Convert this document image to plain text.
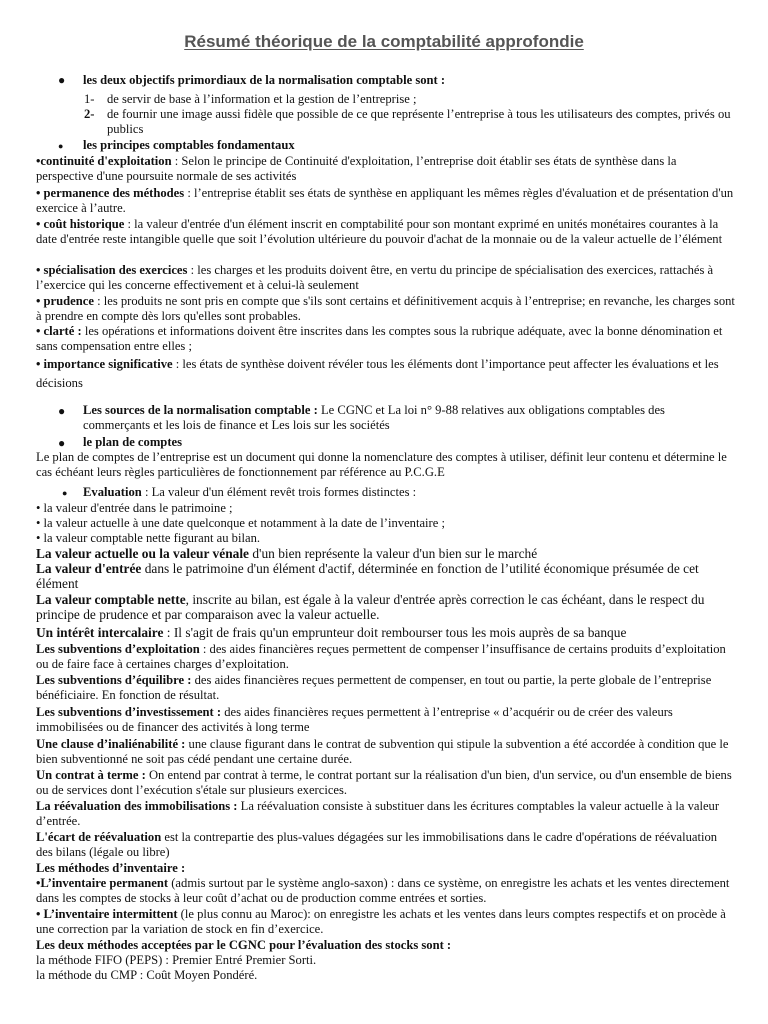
Résumé théorique de la comptabilité approfondie
● les deux objectifs primordiaux de la normalisation comptable sont :
1- de servir de base à l’information et la gestion de l’entreprise ;
2- de fournir une image aussi fidèle que possible de ce que représente l’entreprise à tous les utilisateurs des comptes, privés ou publics
● les principes comptables fondamentaux
•continuité d'exploitation : Selon le principe de Continuité d'exploitation, l’entreprise doit établir ses états de synthèse dans la perspective d'une poursuite normale de ses activités
• permanence des méthodes : l’entreprise établit ses états de synthèse en appliquant les mêmes règles d'évaluation et de présentation d'un exercice à l’autre.
• coût historique : la valeur d'entrée d'un élément inscrit en comptabilité pour son montant exprimé en unités monétaires courantes à la date d'entrée reste intangible quelle que soit l’évolution ultérieure du pouvoir d'achat de la monnaie ou de la valeur actuelle de l’élément
• spécialisation des exercices : les charges et les produits doivent être, en vertu du principe de spécialisation des exercices, rattachés à l’exercice qui les concerne effectivement et à celui-là seulement
• prudence : les produits ne sont pris en compte que s'ils sont certains et définitivement acquis à l’entreprise; en revanche, les charges sont à prendre en compte dès lors qu'elles sont probables.
• clarté : les opérations et informations doivent être inscrites dans les comptes sous la rubrique adéquate, avec la bonne dénomination et sans compensation entre elles ;
• importance significative : les états de synthèse doivent révéler tous les éléments dont l’importance peut affecter les évaluations et les décisions
● Les sources de la normalisation comptable : Le CGNC et La loi n° 9-88 relatives aux obligations comptables des commerçants et les lois de finance et Les lois sur les sociétés
● le plan de comptes
Le plan de comptes de l’entreprise est un document qui donne la nomenclature des comptes à utiliser, définit leur contenu et détermine le cas échéant leurs règles particulières de fonctionnement par référence au P.C.G.E
● Evaluation : La valeur d'un élément revêt trois formes distinctes :
• la valeur d'entrée dans le patrimoine ;
• la valeur actuelle à une date quelconque et notamment à la date de l’inventaire ;
• la valeur comptable nette figurant au bilan.
La valeur actuelle ou la valeur vénale d'un bien représente la valeur d'un bien sur le marché
La valeur d'entrée dans le patrimoine d'un élément d'actif, déterminée en fonction de l’utilité économique présumée de cet élément
La valeur comptable nette, inscrite au bilan, est égale à la valeur d'entrée après correction le cas échéant, dans le respect du principe de prudence et par comparaison avec la valeur actuelle.
Un intérêt intercalaire : Il s'agit de frais qu'un emprunteur doit rembourser tous les mois auprès de sa banque
Les subventions d’exploitation : des aides financières reçues permettent de compenser l’insuffisance de certains produits d’exploitation ou de faire face à certaines charges d’exploitation.
Les subventions d’équilibre : des aides financières reçues permettent de compenser, en tout ou partie, la perte globale de l’entreprise bénéficiaire. En fonction de résultat.
Les subventions d’investissement : des aides financières reçues permettent à l’entreprise « d’acquérir ou de créer des valeurs immobilisées ou de financer des activités à long terme
Une clause d’inaliénabilité : une clause figurant dans le contrat de subvention qui stipule la subvention a été accordée à condition que le bien subventionné ne soit pas cédé pendant une certaine durée.
Un contrat à terme : On entend par contrat à terme, le contrat portant sur la réalisation d'un bien, d'un service, ou d'un ensemble de biens ou de services dont l’exécution s'étale sur plusieurs exercices.
La réévaluation des immobilisations : La réévaluation consiste à substituer dans les écritures comptables la valeur actuelle à la valeur d’entrée.
L'écart de réévaluation est la contrepartie des plus-values dégagées sur les immobilisations dans le cadre d'opérations de réévaluation des bilans (légale ou libre)
Les méthodes d’inventaire :
•L’inventaire permanent (admis surtout par le système anglo-saxon) : dans ce système, on enregistre les achats et les ventes directement dans les comptes de stocks à leur coût d’achat ou de production comme entrées et sorties.
• L’inventaire intermittent (le plus connu au Maroc): on enregistre les achats et les ventes dans leurs comptes respectifs et on procède à une correction par la variation de stock en fin d’exercice.
Les deux méthodes acceptées par le CGNC pour l’évaluation des stocks sont :
la méthode FIFO (PEPS) : Premier Entré Premier Sorti.
la méthode du CMP : Coût Moyen Pondéré.
